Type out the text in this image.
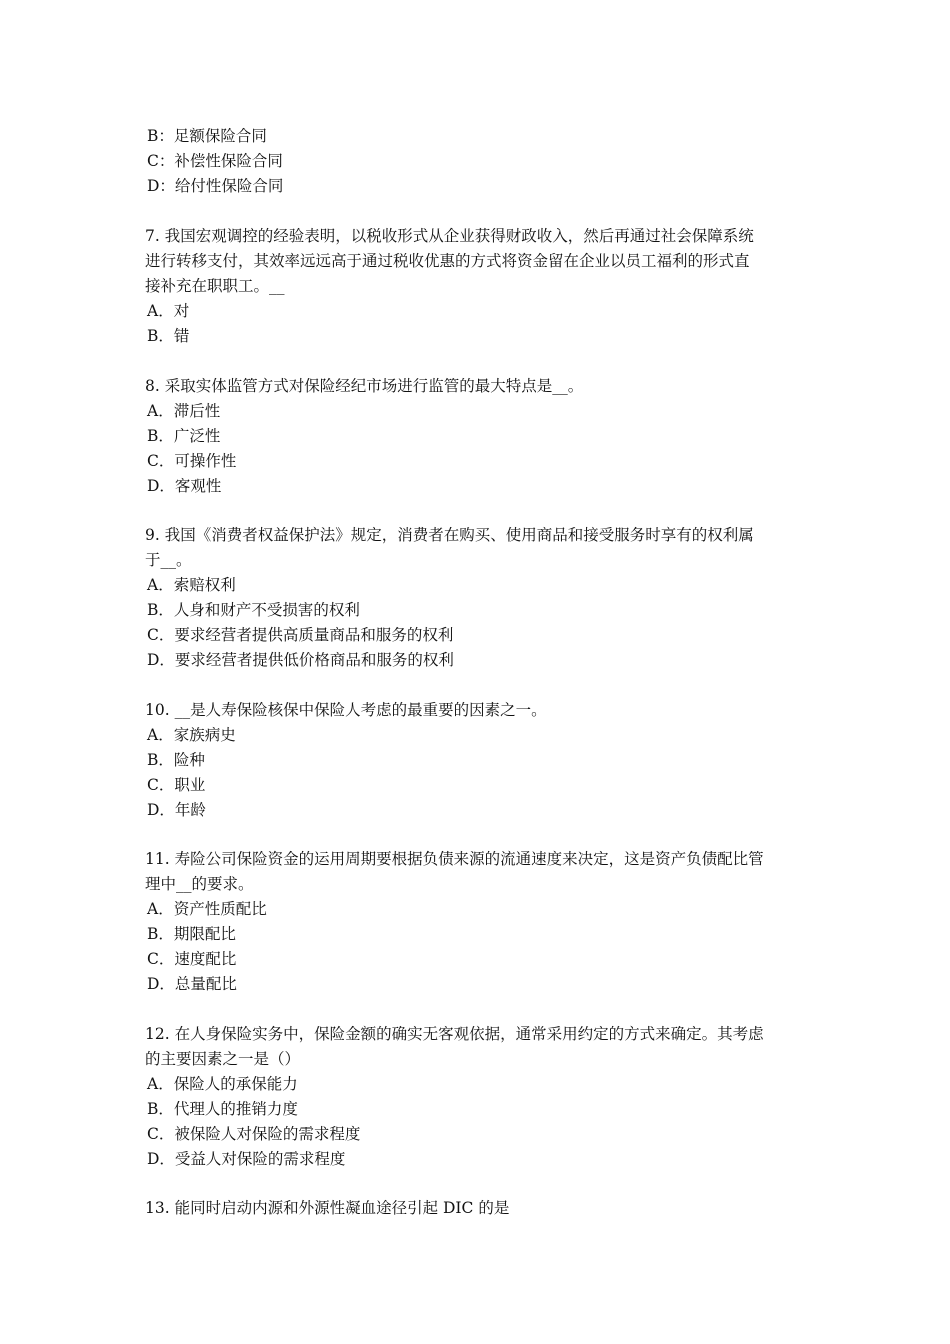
B：足额保险合同
C：补偿性保险合同
D：给付性保险合同
7. 我国宏观调控的经验表明，以税收形式从企业获得财政收入，然后再通过社会保障系统
进行转移支付，其效率远远高于通过税收优惠的方式将资金留在企业以员工福利的形式直
接补充在职职工。__
A．对
B．错
8. 采取实体监管方式对保险经纪市场进行监管的最大特点是__。
A．滞后性
B．广泛性
C．可操作性
D．客观性
9. 我国《消费者权益保护法》规定，消费者在购买、使用商品和接受服务时享有的权利属
于__。
A．索赔权利
B．人身和财产不受损害的权利
C．要求经营者提供高质量商品和服务的权利
D．要求经营者提供低价格商品和服务的权利
10. __是人寿保险核保中保险人考虑的最重要的因素之一。
A．家族病史
B．险种
C．职业
D．年龄
11. 寿险公司保险资金的运用周期要根据负债来源的流通速度来决定，这是资产负债配比管
理中__的要求。
A．资产性质配比
B．期限配比
C．速度配比
D．总量配比
12. 在人身保险实务中，保险金额的确实无客观依据，通常采用约定的方式来确定。其考虑
的主要因素之一是（）
A．保险人的承保能力
B．代理人的推销力度
C．被保险人对保险的需求程度
D．受益人对保险的需求程度
13. 能同时启动内源和外源性凝血途径引起 DIC 的是
